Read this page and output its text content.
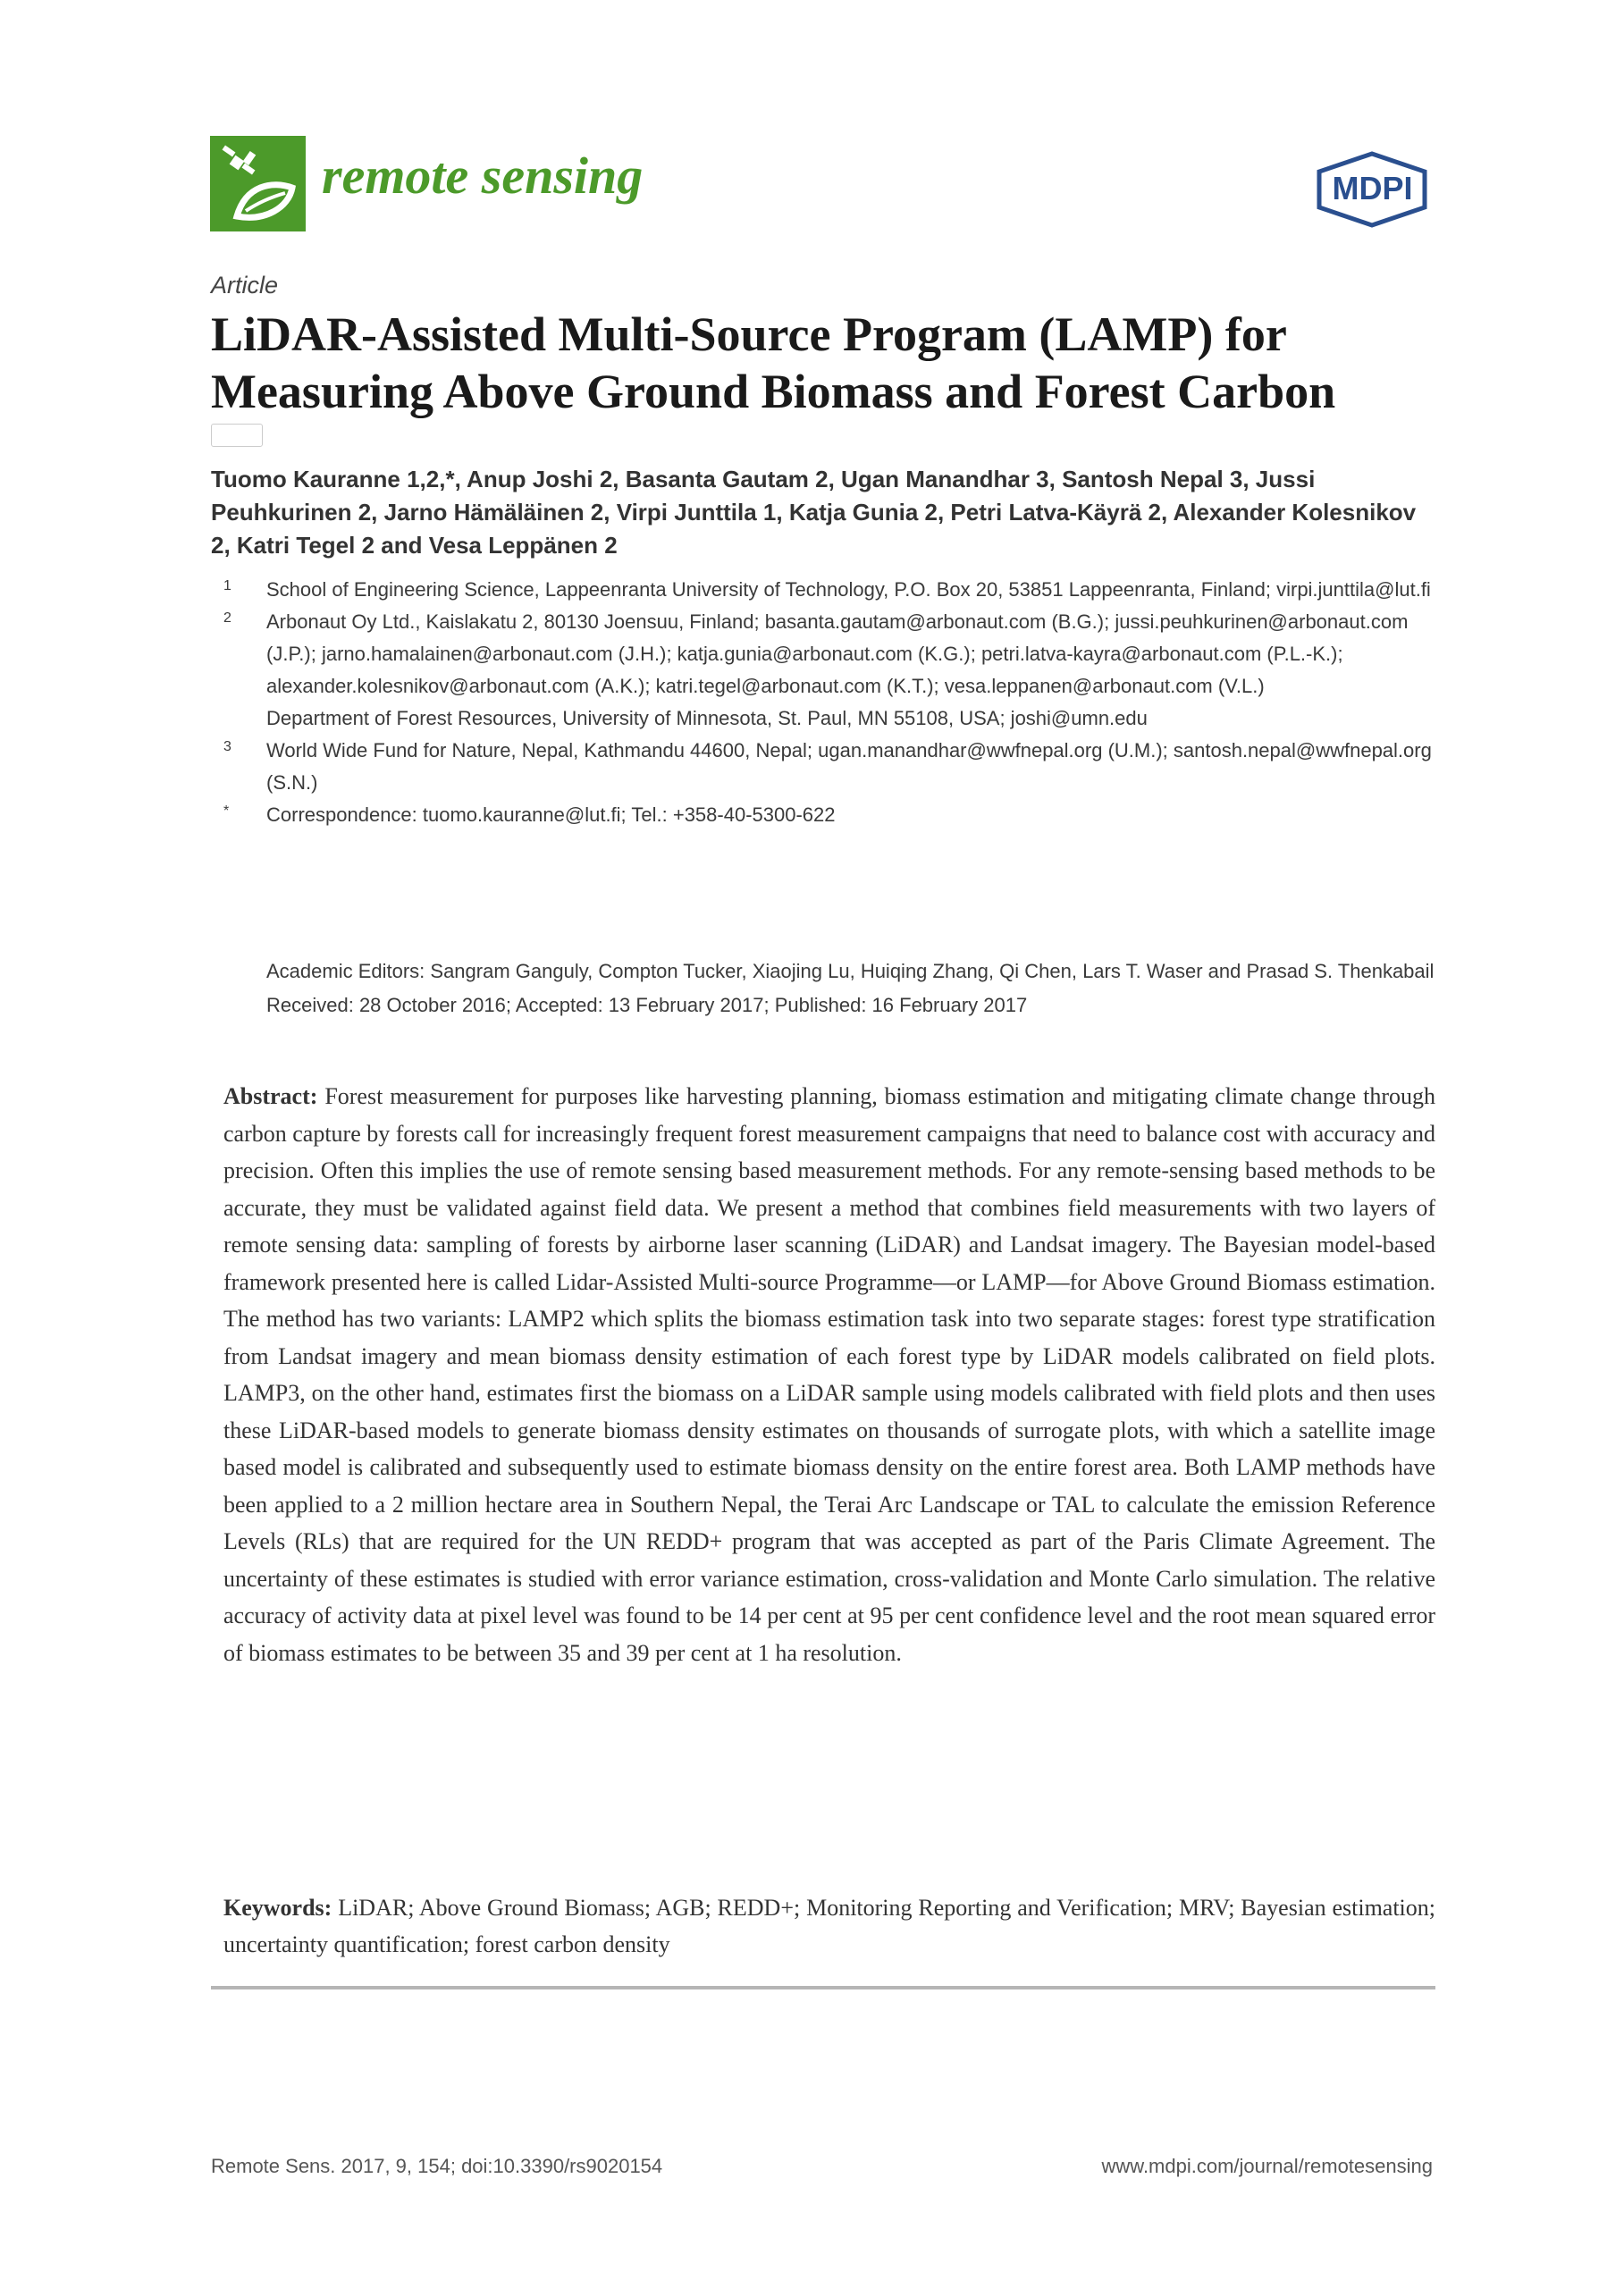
remote sensing	MDPI
Article
LiDAR-Assisted Multi-Source Program (LAMP) for Measuring Above Ground Biomass and Forest Carbon
Tuomo Kauranne 1,2,*, Anup Joshi 2, Basanta Gautam 2, Ugan Manandhar 3, Santosh Nepal 3, Jussi Peuhkurinen 2, Jarno Hämäläinen 2, Virpi Junttila 1, Katja Gunia 2, Petri Latva-Käyrä 2, Alexander Kolesnikov 2, Katri Tegel 2 and Vesa Leppänen 2
1 School of Engineering Science, Lappeenranta University of Technology, P.O. Box 20, 53851 Lappeenranta, Finland; virpi.junttila@lut.fi
2 Arbonaut Oy Ltd., Kaislakatu 2, 80130 Joensuu, Finland; basanta.gautam@arbonaut.com (B.G.); jussi.peuhkurinen@arbonaut.com (J.P.); jarno.hamalainen@arbonaut.com (J.H.); katja.gunia@arbonaut.com (K.G.); petri.latva-kayra@arbonaut.com (P.L.-K.); alexander.kolesnikov@arbonaut.com (A.K.); katri.tegel@arbonaut.com (K.T.); vesa.leppanen@arbonaut.com (V.L.)
Department of Forest Resources, University of Minnesota, St. Paul, MN 55108, USA; joshi@umn.edu
3 World Wide Fund for Nature, Nepal, Kathmandu 44600, Nepal; ugan.manandhar@wwfnepal.org (U.M.); santosh.nepal@wwfnepal.org (S.N.)
* Correspondence: tuomo.kauranne@lut.fi; Tel.: +358-40-5300-622
Academic Editors: Sangram Ganguly, Compton Tucker, Xiaojing Lu, Huiqing Zhang, Qi Chen, Lars T. Waser and Prasad S. Thenkabail
Received: 28 October 2016; Accepted: 13 February 2017; Published: 16 February 2017
Abstract: Forest measurement for purposes like harvesting planning, biomass estimation and mitigating climate change through carbon capture by forests call for increasingly frequent forest measurement campaigns that need to balance cost with accuracy and precision. Often this implies the use of remote sensing based measurement methods. For any remote-sensing based methods to be accurate, they must be validated against field data. We present a method that combines field measurements with two layers of remote sensing data: sampling of forests by airborne laser scanning (LiDAR) and Landsat imagery. The Bayesian model-based framework presented here is called Lidar-Assisted Multi-source Programme—or LAMP—for Above Ground Biomass estimation. The method has two variants: LAMP2 which splits the biomass estimation task into two separate stages: forest type stratification from Landsat imagery and mean biomass density estimation of each forest type by LiDAR models calibrated on field plots. LAMP3, on the other hand, estimates first the biomass on a LiDAR sample using models calibrated with field plots and then uses these LiDAR-based models to generate biomass density estimates on thousands of surrogate plots, with which a satellite image based model is calibrated and subsequently used to estimate biomass density on the entire forest area. Both LAMP methods have been applied to a 2 million hectare area in Southern Nepal, the Terai Arc Landscape or TAL to calculate the emission Reference Levels (RLs) that are required for the UN REDD+ program that was accepted as part of the Paris Climate Agreement. The uncertainty of these estimates is studied with error variance estimation, cross-validation and Monte Carlo simulation. The relative accuracy of activity data at pixel level was found to be 14 per cent at 95 per cent confidence level and the root mean squared error of biomass estimates to be between 35 and 39 per cent at 1 ha resolution.
Keywords: LiDAR; Above Ground Biomass; AGB; REDD+; Monitoring Reporting and Verification; MRV; Bayesian estimation; uncertainty quantification; forest carbon density
Remote Sens. 2017, 9, 154; doi:10.3390/rs9020154	www.mdpi.com/journal/remotesensing
